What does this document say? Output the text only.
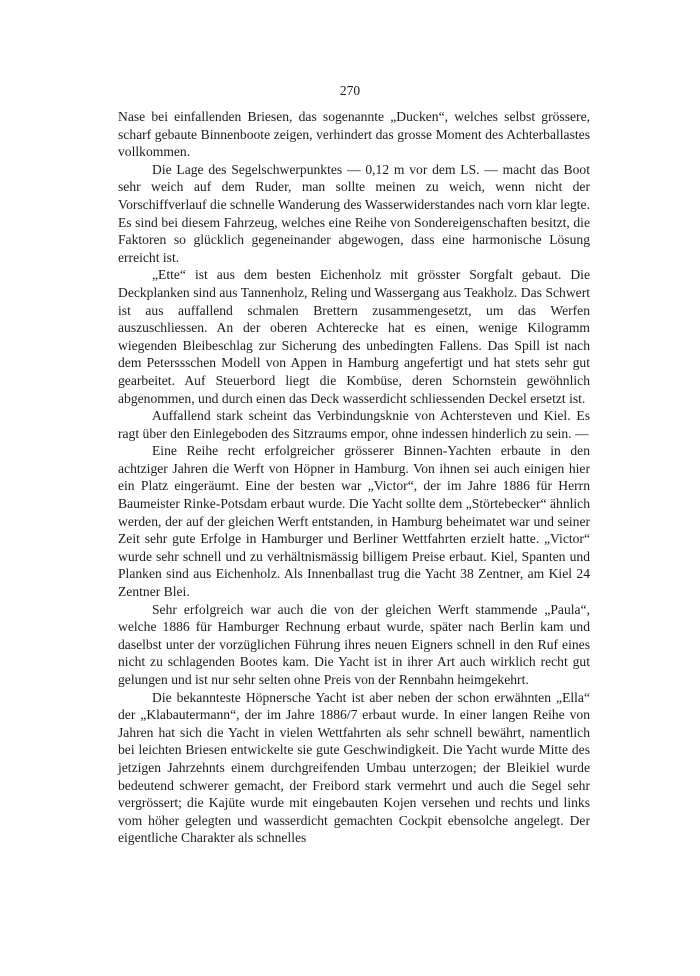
270

Nase bei einfallenden Briesen, das sogenannte „Ducken“, welches selbst grössere, scharf gebaute Binnenboote zeigen, verhindert das grosse Moment des Achterballastes vollkommen.

Die Lage des Segelschwerpunktes — 0,12 m vor dem LS. — macht das Boot sehr weich auf dem Ruder, man sollte meinen zu weich, wenn nicht der Vorschiffverlauf die schnelle Wanderung des Wasserwiderstandes nach vorn klar legte. Es sind bei diesem Fahrzeug, welches eine Reihe von Sondereigenschaften besitzt, die Faktoren so glücklich gegeneinander abgewogen, dass eine harmonische Lösung erreicht ist.

„Ette“ ist aus dem besten Eichenholz mit grösster Sorgfalt gebaut. Die Deckplanken sind aus Tannenholz, Reling und Wassergang aus Teakholz. Das Schwert ist aus auffallend schmalen Brettern zusammengesetzt, um das Werfen auszuschliessen. An der oberen Achterecke hat es einen, wenige Kilogramm wiegenden Bleibeschlag zur Sicherung des unbedingten Fallens. Das Spill ist nach dem Peterssschen Modell von Appen in Hamburg angefertigt und hat stets sehr gut gearbeitet. Auf Steuerbord liegt die Kombüse, deren Schornstein gewöhnlich abgenommen, und durch einen das Deck wasserdicht schliessenden Deckel ersetzt ist.

Auffallend stark scheint das Verbindungsknie von Achtersteven und Kiel. Es ragt über den Einlegeboden des Sitzraums empor, ohne indessen hinderlich zu sein. —

Eine Reihe recht erfolgreicher grösserer Binnen-Yachten erbaute in den achtziger Jahren die Werft von Höpner in Hamburg. Von ihnen sei auch einigen hier ein Platz eingeräumt. Eine der besten war „Victor“, der im Jahre 1886 für Herrn Baumeister Rinke-Potsdam erbaut wurde. Die Yacht sollte dem „Störtebecker“ ähnlich werden, der auf der gleichen Werft entstanden, in Hamburg beheimatet war und seiner Zeit sehr gute Erfolge in Hamburger und Berliner Wettfahrten erzielt hatte. „Victor“ wurde sehr schnell und zu verhältnismässig billigem Preise erbaut. Kiel, Spanten und Planken sind aus Eichenholz. Als Innenballast trug die Yacht 38 Zentner, am Kiel 24 Zentner Blei.

Sehr erfolgreich war auch die von der gleichen Werft stammende „Paula“, welche 1886 für Hamburger Rechnung erbaut wurde, später nach Berlin kam und daselbst unter der vorzüglichen Führung ihres neuen Eigners schnell in den Ruf eines nicht zu schlagenden Bootes kam. Die Yacht ist in ihrer Art auch wirklich recht gut gelungen und ist nur sehr selten ohne Preis von der Rennbahn heimgekehrt.

Die bekannteste Höpnersche Yacht ist aber neben der schon erwähnten „Ella“ der „Klabautermann“, der im Jahre 1886/7 erbaut wurde. In einer langen Reihe von Jahren hat sich die Yacht in vielen Wettfahrten als sehr schnell bewährt, namentlich bei leichten Briesen entwickelte sie gute Geschwindigkeit. Die Yacht wurde Mitte des jetzigen Jahrzehnts einem durchgreifenden Umbau unterzogen; der Bleikiel wurde bedeutend schwerer gemacht, der Freibord stark vermehrt und auch die Segel sehr vergrössert; die Kajüte wurde mit eingebauten Kojen versehen und rechts und links vom höher gelegten und wasserdicht gemachten Cockpit ebensolche angelegt. Der eigentliche Charakter als schnelles
